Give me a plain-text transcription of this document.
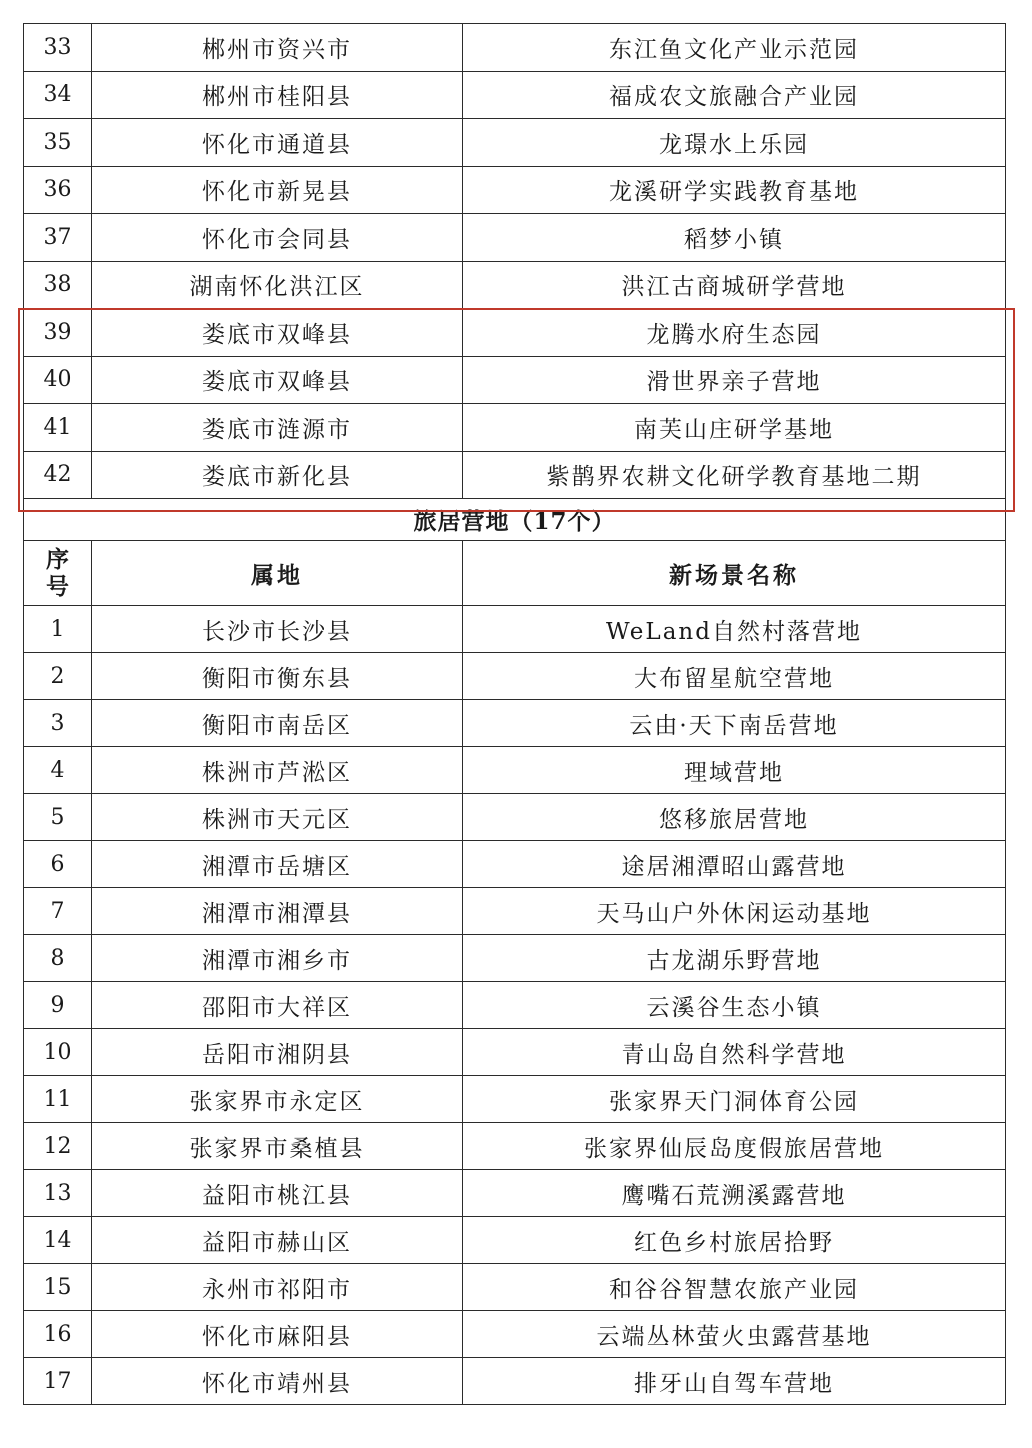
33	郴州市资兴市	东江鱼文化产业示范园
34	郴州市桂阳县	福成农文旅融合产业园
35	怀化市通道县	龙璟水上乐园
36	怀化市新晃县	龙溪研学实践教育基地
37	怀化市会同县	稻梦小镇
38	湖南怀化洪江区	洪江古商城研学营地
39	娄底市双峰县	龙腾水府生态园
40	娄底市双峰县	滑世界亲子营地
41	娄底市涟源市	南芙山庄研学基地
42	娄底市新化县	紫鹊界农耕文化研学教育基地二期
旅居营地（17个）		
序号	属地	新场景名称
1	长沙市长沙县	WeLand自然村落营地
2	衡阳市衡东县	大布留星航空营地
3	衡阳市南岳区	云由·天下南岳营地
4	株洲市芦淞区	理域营地
5	株洲市天元区	悠移旅居营地
6	湘潭市岳塘区	途居湘潭昭山露营地
7	湘潭市湘潭县	天马山户外休闲运动基地
8	湘潭市湘乡市	古龙湖乐野营地
9	邵阳市大祥区	云溪谷生态小镇
10	岳阳市湘阴县	青山岛自然科学营地
11	张家界市永定区	张家界天门洞体育公园
12	张家界市桑植县	张家界仙辰岛度假旅居营地
13	益阳市桃江县	鹰嘴石荒溯溪露营地
14	益阳市赫山区	红色乡村旅居拾野
15	永州市祁阳市	和谷谷智慧农旅产业园
16	怀化市麻阳县	云端丛林萤火虫露营基地
17	怀化市靖州县	排牙山自驾车营地
